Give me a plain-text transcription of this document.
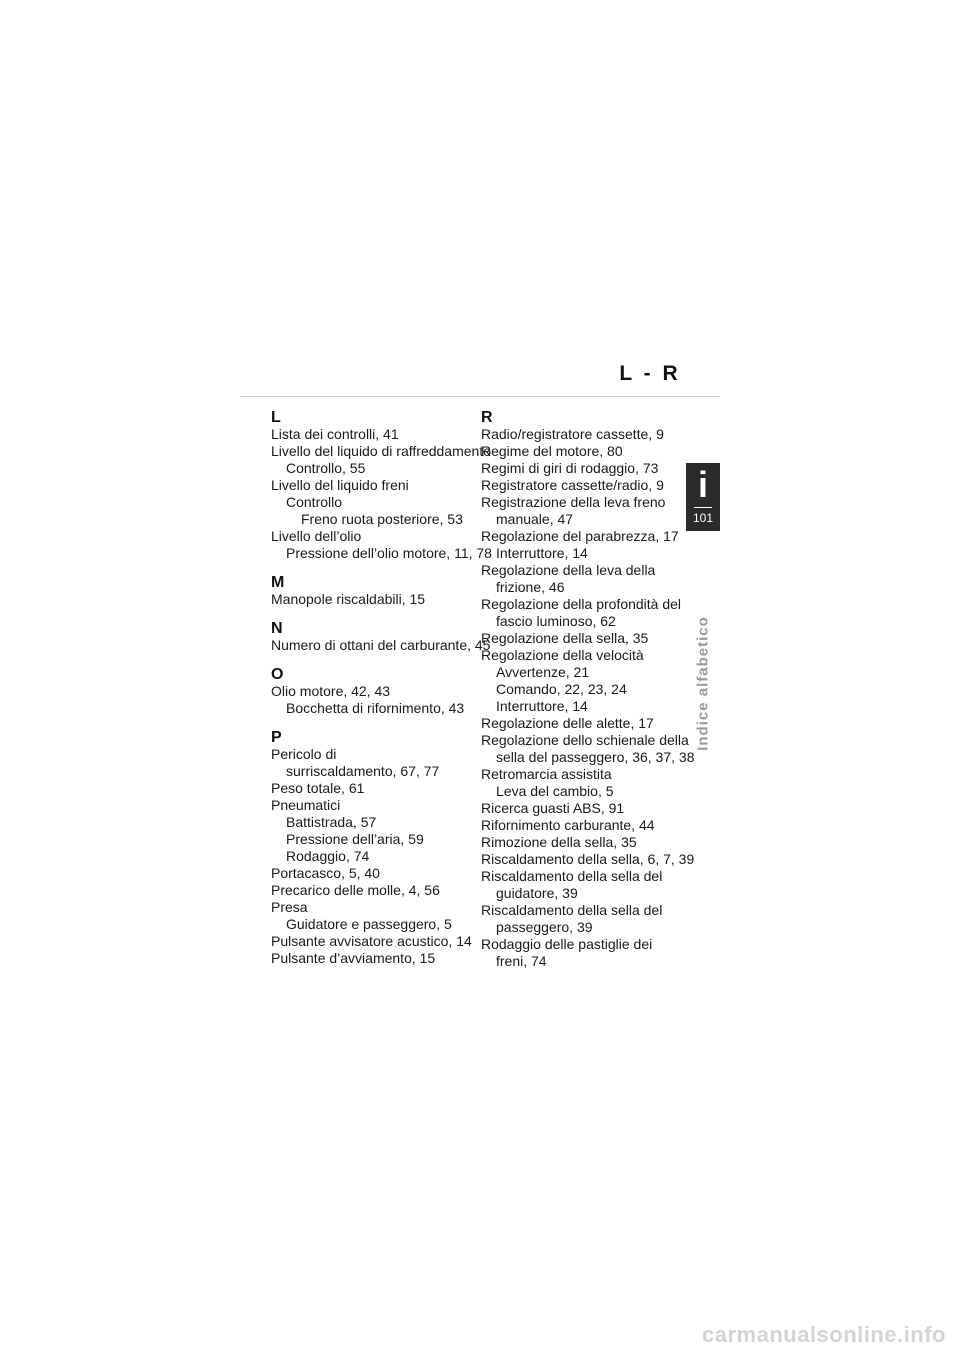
L - R
L
Lista dei controlli, 41
Livello del liquido di raffreddamento
Controllo, 55
Livello del liquido freni
Controllo
Freno ruota posteriore, 53
Livello dell’olio
Pressione dell’olio motore, 11, 78
M
Manopole riscaldabili, 15
N
Numero di ottani del carburante, 45
O
Olio motore, 42, 43
Bocchetta di rifornimento, 43
P
Pericolo di
surriscaldamento, 67, 77
Peso totale, 61
Pneumatici
Battistrada, 57
Pressione dell’aria, 59
Rodaggio, 74
Portacasco, 5, 40
Precarico delle molle, 4, 56
Presa
Guidatore e passeggero, 5
Pulsante avvisatore acustico, 14
Pulsante d’avviamento, 15
R
Radio/registratore cassette, 9
Regime del motore, 80
Regimi di giri di rodaggio, 73
Registratore cassette/radio, 9
Registrazione della leva freno
manuale, 47
Regolazione del parabrezza, 17
Interruttore, 14
Regolazione della leva della
frizione, 46
Regolazione della profondità del
fascio luminoso, 62
Regolazione della sella, 35
Regolazione della velocità
Avvertenze, 21
Comando, 22, 23, 24
Interruttore, 14
Regolazione delle alette, 17
Regolazione dello schienale della
sella del passeggero, 36, 37, 38
Retromarcia assistita
Leva del cambio, 5
Ricerca guasti ABS, 91
Rifornimento carburante, 44
Rimozione della sella, 35
Riscaldamento della sella, 6, 7, 39
Riscaldamento della sella del
guidatore, 39
Riscaldamento della sella del
passeggero, 39
Rodaggio delle pastiglie dei
freni, 74
i
101
Indice alfabetico
carmanualsonline.info
